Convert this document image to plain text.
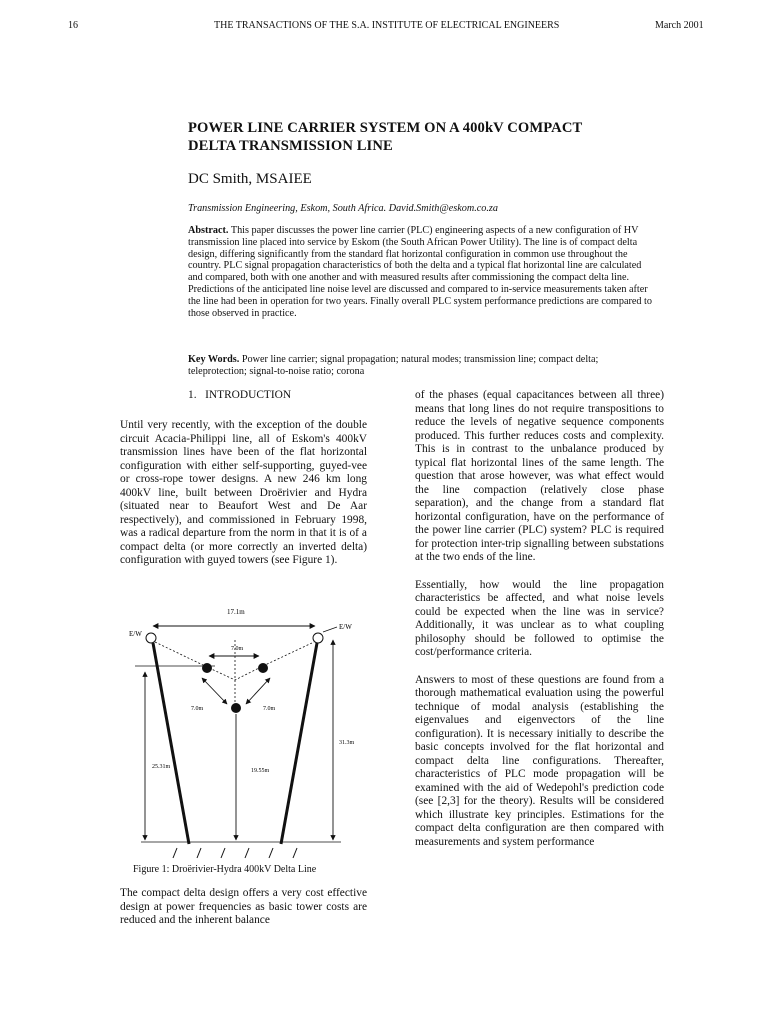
16	THE TRANSACTIONS OF THE S.A. INSTITUTE OF ELECTRICAL ENGINEERS	March 2001
POWER LINE CARRIER SYSTEM ON A 400kV COMPACT
DELTA TRANSMISSION LINE
DC Smith, MSAIEE
Transmission Engineering, Eskom, South Africa. David.Smith@eskom.co.za
Abstract. This paper discusses the power line carrier (PLC) engineering aspects of a new configuration of HV transmission line placed into service by Eskom (the South African Power Utility). The line is of compact delta design, differing significantly from the standard flat horizontal configuration in common use throughout the country. PLC signal propagation characteristics of both the delta and a typical flat horizontal line are calculated and compared, both with one another and with measured results after commissioning the compact delta line. Predictions of the anticipated line noise level are discussed and compared to in-service measurements taken after the line had been in operation for two years. Finally overall PLC system performance predictions are compared to those observed in practice.
Key Words. Power line carrier; signal propagation; natural modes; transmission line; compact delta; teleprotection; signal-to-noise ratio; corona
1.   INTRODUCTION

Until very recently, with the exception of the double circuit Acacia-Philippi line, all of Eskom's 400kV transmission lines have been of the flat horizontal configuration with either self-supporting, guyed-vee or cross-rope tower designs. A new 246 km long 400kV line, built between Droërivier and Hydra (situated near to Beaufort West and De Aar respectively), and commissioned in February 1998, was a radical departure from the norm in that it is of a compact delta (or more correctly an inverted delta) configuration with guyed towers (see Figure 1).

17.1m
E/W
E/W
7.0m
7.0m	7.0m
31.3m
25.31m
19.55m
Figure 1: Droërivier-Hydra 400kV Delta Line

The compact delta design offers a very cost effective design at power frequencies as basic tower costs are reduced and the inherent balance

of the phases (equal capacitances between all three) means that long lines do not require transpositions to reduce the levels of negative sequence components produced. This further reduces costs and complexity. This is in contrast to the unbalance produced by typical flat horizontal lines of the same length. The question that arose however, was what effect would the line compaction (relatively close phase separation), and the change from a standard flat horizontal configuration, have on the performance of the power line carrier (PLC) system? PLC is required for protection inter-trip signalling between substations at the two ends of the line.

Essentially, how would the line propagation characteristics be affected, and what noise levels could be expected when the line was in service? Additionally, it was unclear as to what coupling philosophy should be followed to optimise the cost/performance criteria.

Answers to most of these questions are found from a thorough mathematical evaluation using the powerful technique of modal analysis (establishing the eigenvalues and eigenvectors of the line configuration). It is necessary initially to describe the basic concepts involved for the flat horizontal and compact delta line configurations. Thereafter, characteristics of PLC mode propagation will be examined with the aid of Wedepohl's prediction code (see [2,3] for the theory). Results will be considered which illustrate key principles. Estimations for the compact delta configuration are then compared with measurements and system performance
